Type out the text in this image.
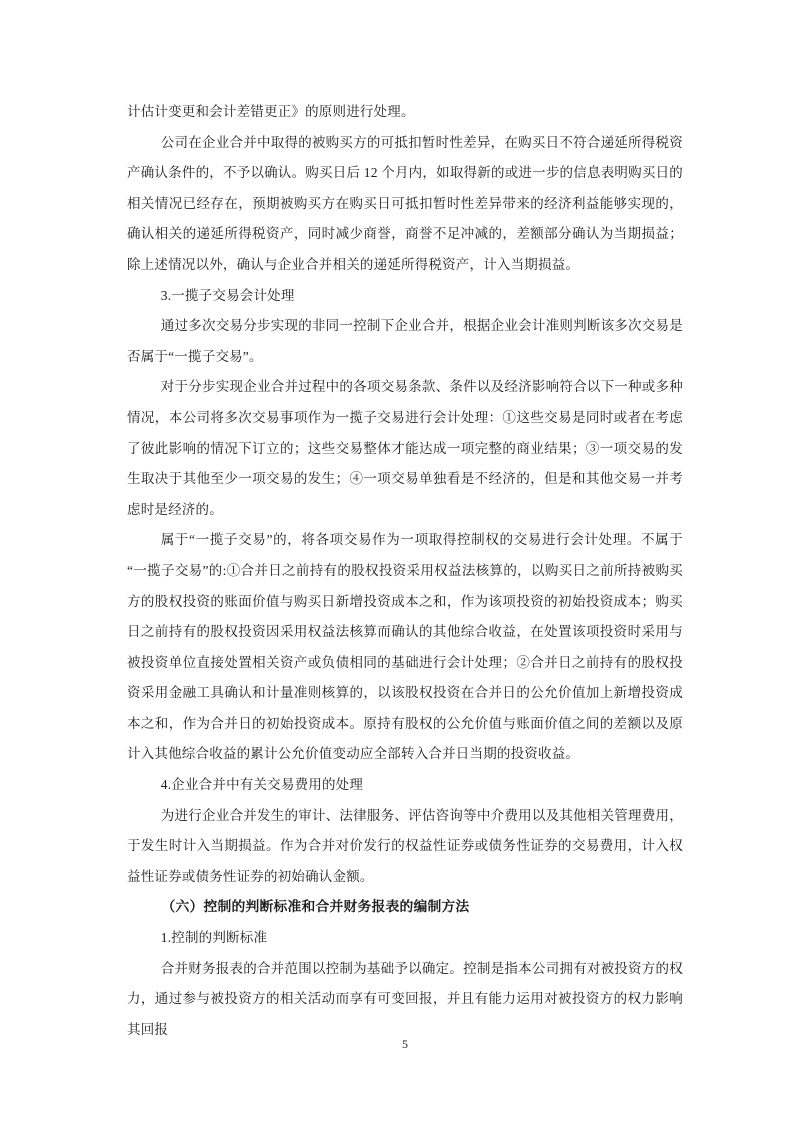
计估计变更和会计差错更正》的原则进行处理。

公司在企业合并中取得的被购买方的可抵扣暂时性差异，在购买日不符合递延所得税资产确认条件的，不予以确认。购买日后 12 个月内，如取得新的或进一步的信息表明购买日的相关情况已经存在，预期被购买方在购买日可抵扣暂时性差异带来的经济利益能够实现的，确认相关的递延所得税资产，同时减少商誉，商誉不足冲减的，差额部分确认为当期损益；除上述情况以外，确认与企业合并相关的递延所得税资产，计入当期损益。

3.一揽子交易会计处理

通过多次交易分步实现的非同一控制下企业合并，根据企业会计准则判断该多次交易是否属于“一揽子交易”。

对于分步实现企业合并过程中的各项交易条款、条件以及经济影响符合以下一种或多种情况，本公司将多次交易事项作为一揽子交易进行会计处理：①这些交易是同时或者在考虑了彼此影响的情况下订立的；这些交易整体才能达成一项完整的商业结果；③一项交易的发生取决于其他至少一项交易的发生；④一项交易单独看是不经济的，但是和其他交易一并考虑时是经济的。

属于“一揽子交易”的，将各项交易作为一项取得控制权的交易进行会计处理。不属于“一揽子交易”的:①合并日之前持有的股权投资采用权益法核算的，以购买日之前所持被购买方的股权投资的账面价值与购买日新增投资成本之和，作为该项投资的初始投资成本；购买日之前持有的股权投资因采用权益法核算而确认的其他综合收益，在处置该项投资时采用与被投资单位直接处置相关资产或负债相同的基础进行会计处理；②合并日之前持有的股权投资采用金融工具确认和计量准则核算的，以该股权投资在合并日的公允价值加上新增投资成本之和，作为合并日的初始投资成本。原持有股权的公允价值与账面价值之间的差额以及原计入其他综合收益的累计公允价值变动应全部转入合并日当期的投资收益。

4.企业合并中有关交易费用的处理

为进行企业合并发生的审计、法律服务、评估咨询等中介费用以及其他相关管理费用，于发生时计入当期损益。作为合并对价发行的权益性证券或债务性证券的交易费用，计入权益性证券或债务性证券的初始确认金额。

（六）控制的判断标准和合并财务报表的编制方法

1.控制的判断标准

合并财务报表的合并范围以控制为基础予以确定。控制是指本公司拥有对被投资方的权力，通过参与被投资方的相关活动而享有可变回报，并且有能力运用对被投资方的权力影响其回报

5
